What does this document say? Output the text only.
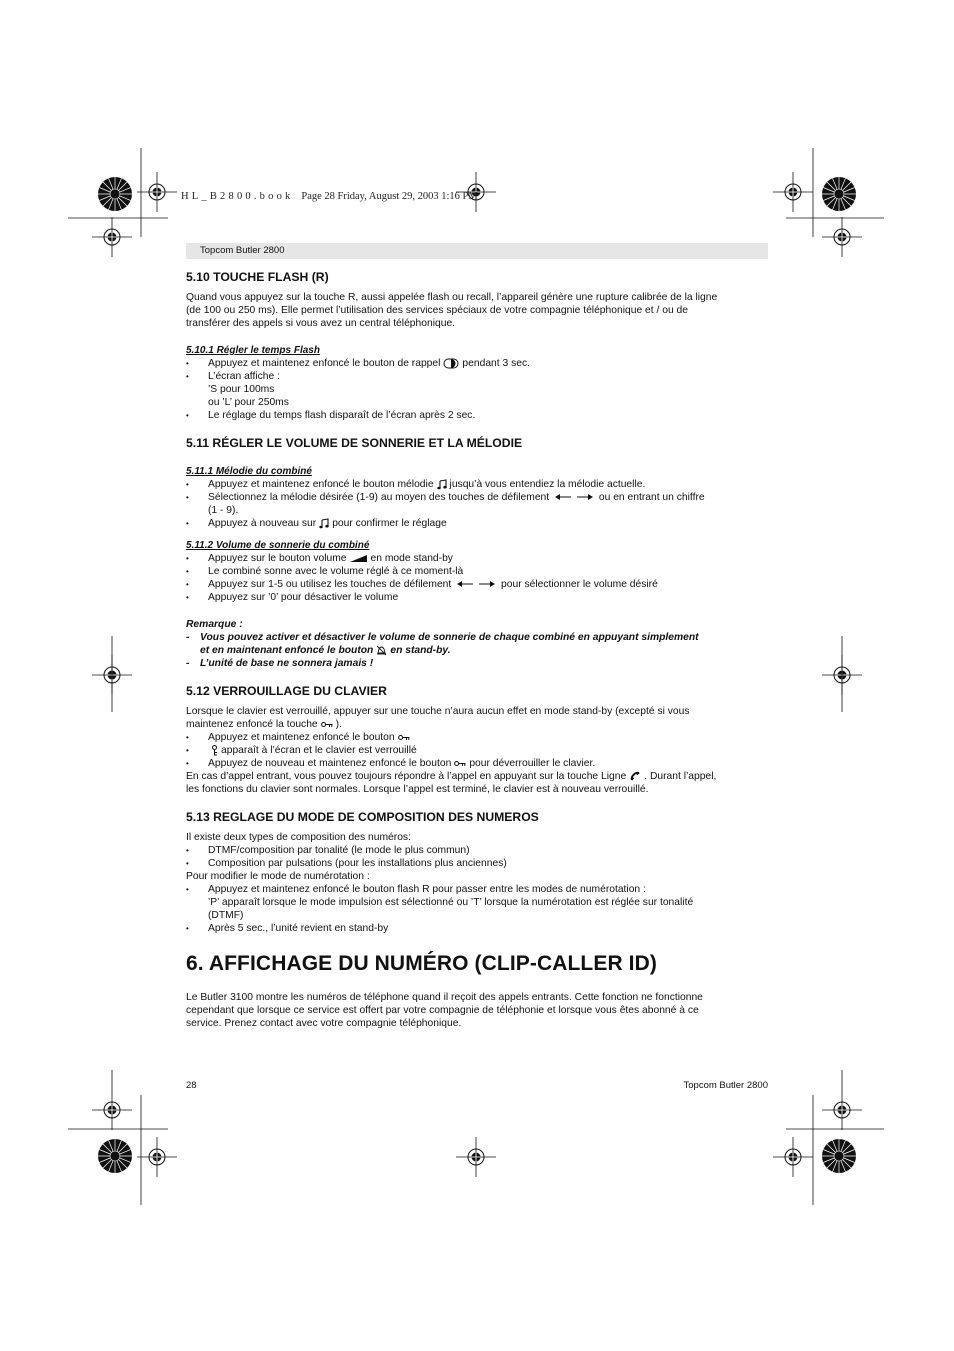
HL_B2800.book Page 28 Friday, August 29, 2003 1:16 PM
Topcom Butler 2800

5.10 TOUCHE FLASH (R)

Quand vous appuyez sur la touche R, aussi appelée flash ou recall, l’appareil génère une rupture calibrée de la ligne

(de 100 ou 250 ms). Elle permet l’utilisation des services spéciaux de votre compagnie téléphonique et / ou de

transférer des appels si vous avez un central téléphonique.

5.10.1 Régler le temps Flash

• Appuyez et maintenez enfoncé le bouton de rappel pendant 3 sec.

• L’écran affiche :

’S pour 100ms

ou ’L’ pour 250ms

• Le réglage du temps flash disparaît de l’écran après 2 sec.

5.11 RÉGLER LE VOLUME DE SONNERIE ET LA MÉLODIE

5.11.1 Mélodie du combiné

• Appuyez et maintenez enfoncé le bouton mélodie jusqu’à vous entendiez la mélodie actuelle.

• Sélectionnez la mélodie désirée (1-9) au moyen des touches de défilement	ou en entrant un chiffre

(1 - 9).

• Appuyez à nouveau sur pour confirmer le réglage

5.11.2 Volume de sonnerie du combiné

• Appuyez sur le bouton volume en mode stand-by

• Le combiné sonne avec le volume réglé à ce moment-là

• Appuyez sur 1-5 ou utilisez les touches de défilement	pour sélectionner le volume désiré

• Appuyez sur ’0’ pour désactiver le volume

Remarque :

- Vous pouvez activer et désactiver le volume de sonnerie de chaque combiné en appuyant simplement

et en maintenant enfoncé le bouton en stand-by.

- L’unité de base ne sonnera jamais !

5.12 VERROUILLAGE DU CLAVIER

Lorsque le clavier est verrouillé, appuyer sur une touche n’aura aucun effet en mode stand-by (excepté si vous

maintenez enfoncé la touche ).

• Appuyez et maintenez enfoncé le bouton

• apparaît à l’écran et le clavier est verrouillé

• Appuyez de nouveau et maintenez enfoncé le bouton pour déverrouiller le clavier.

En cas d’appel entrant, vous pouvez toujours répondre à l’appel en appuyant sur la touche Ligne . Durant l’appel,

les fonctions du clavier sont normales. Lorsque l’appel est terminé, le clavier est à nouveau verrouillé.

5.13 REGLAGE DU MODE DE COMPOSITION DES NUMEROS

Il existe deux types de composition des numéros:

• DTMF/composition par tonalité (le mode le plus commun)

• Composition par pulsations (pour les installations plus anciennes)

Pour modifier le mode de numérotation :

• Appuyez et maintenez enfoncé le bouton flash R pour passer entre les modes de numérotation :

’P’ apparaît lorsque le mode impulsion est sélectionné ou ’T’ lorsque la numérotation est réglée sur tonalité

(DTMF)

• Après 5 sec., l’unité revient en stand-by

6. AFFICHAGE DU NUMÉRO (CLIP-CALLER ID)

Le Butler 3100 montre les numéros de téléphone quand il reçoit des appels entrants. Cette fonction ne fonctionne

cependant que lorsque ce service est offert par votre compagnie de téléphonie et lorsque vous êtes abonné à ce

service. Prenez contact avec votre compagnie téléphonique.

28	Topcom Butler 2800
